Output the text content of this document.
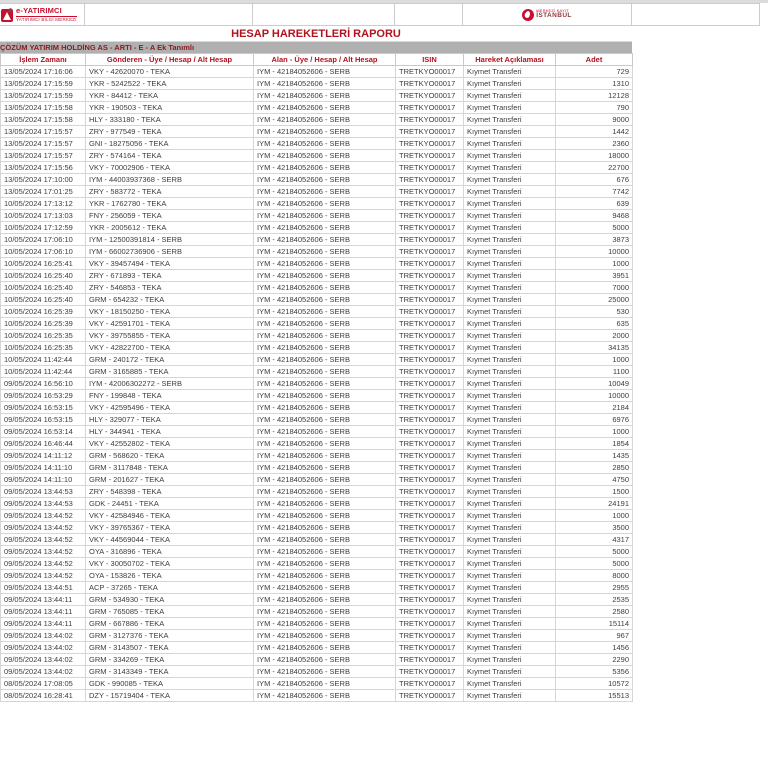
e-YATIRIMCI
YATIRIMCI BİLGİ MERKEZİ
MERKEZİ KAYIT
İSTANBUL
HESAP HAREKETLERİ RAPORU
ÇÖZÜM YATIRIM HOLDİNG AS - ARTI - E - A Ek Tanımlı
İşlem Zamanı	Gönderen - Üye / Hesap / Alt Hesap	Alan - Üye / Hesap / Alt Hesap	ISIN	Hareket Açıklaması	Adet
13/05/2024 17:16:06	VKY - 42620070 - TEKA	IYM - 42184052606 - SERB	TRETKYO00017	Kıymet Transferi	729
13/05/2024 17:15:59	YKR - 5242522 - TEKA	IYM - 42184052606 - SERB	TRETKYO00017	Kıymet Transferi	1310
13/05/2024 17:15:59	YKR - 84412 - TEKA	IYM - 42184052606 - SERB	TRETKYO00017	Kıymet Transferi	12128
13/05/2024 17:15:58	YKR - 190503 - TEKA	IYM - 42184052606 - SERB	TRETKYO00017	Kıymet Transferi	790
13/05/2024 17:15:58	HLY - 333180 - TEKA	IYM - 42184052606 - SERB	TRETKYO00017	Kıymet Transferi	9000
13/05/2024 17:15:57	ZRY - 977549 - TEKA	IYM - 42184052606 - SERB	TRETKYO00017	Kıymet Transferi	1442
13/05/2024 17:15:57	GNI - 18275056 - TEKA	IYM - 42184052606 - SERB	TRETKYO00017	Kıymet Transferi	2360
13/05/2024 17:15:57	ZRY - 574164 - TEKA	IYM - 42184052606 - SERB	TRETKYO00017	Kıymet Transferi	18000
13/05/2024 17:15:56	VKY - 70002906 - TEKA	IYM - 42184052606 - SERB	TRETKYO00017	Kıymet Transferi	22700
13/05/2024 17:10:00	IYM - 44003937368 - SERB	IYM - 42184052606 - SERB	TRETKYO00017	Kıymet Transferi	676
13/05/2024 17:01:25	ZRY - 583772 - TEKA	IYM - 42184052606 - SERB	TRETKYO00017	Kıymet Transferi	7742
10/05/2024 17:13:12	YKR - 1762780 - TEKA	IYM - 42184052606 - SERB	TRETKYO00017	Kıymet Transferi	639
10/05/2024 17:13:03	FNY - 256059 - TEKA	IYM - 42184052606 - SERB	TRETKYO00017	Kıymet Transferi	9468
10/05/2024 17:12:59	YKR - 2005612 - TEKA	IYM - 42184052606 - SERB	TRETKYO00017	Kıymet Transferi	5000
10/05/2024 17:06:10	IYM - 12500391814 - SERB	IYM - 42184052606 - SERB	TRETKYO00017	Kıymet Transferi	3873
10/05/2024 17:06:10	IYM - 66002736906 - SERB	IYM - 42184052606 - SERB	TRETKYO00017	Kıymet Transferi	10000
10/05/2024 16:25:41	VKY - 39457494 - TEKA	IYM - 42184052606 - SERB	TRETKYO00017	Kıymet Transferi	1000
10/05/2024 16:25:40	ZRY - 671893 - TEKA	IYM - 42184052606 - SERB	TRETKYO00017	Kıymet Transferi	3951
10/05/2024 16:25:40	ZRY - 546853 - TEKA	IYM - 42184052606 - SERB	TRETKYO00017	Kıymet Transferi	7000
10/05/2024 16:25:40	GRM - 654232 - TEKA	IYM - 42184052606 - SERB	TRETKYO00017	Kıymet Transferi	25000
10/05/2024 16:25:39	VKY - 18150250 - TEKA	IYM - 42184052606 - SERB	TRETKYO00017	Kıymet Transferi	530
10/05/2024 16:25:39	VKY - 42591701 - TEKA	IYM - 42184052606 - SERB	TRETKYO00017	Kıymet Transferi	635
10/05/2024 16:25:35	VKY - 39755855 - TEKA	IYM - 42184052606 - SERB	TRETKYO00017	Kıymet Transferi	2000
10/05/2024 16:25:35	VKY - 42822700 - TEKA	IYM - 42184052606 - SERB	TRETKYO00017	Kıymet Transferi	34135
10/05/2024 11:42:44	GRM - 240172 - TEKA	IYM - 42184052606 - SERB	TRETKYO00017	Kıymet Transferi	1000
10/05/2024 11:42:44	GRM - 3165885 - TEKA	IYM - 42184052606 - SERB	TRETKYO00017	Kıymet Transferi	1100
09/05/2024 16:56:10	IYM - 42006302272 - SERB	IYM - 42184052606 - SERB	TRETKYO00017	Kıymet Transferi	10049
09/05/2024 16:53:29	FNY - 199848 - TEKA	IYM - 42184052606 - SERB	TRETKYO00017	Kıymet Transferi	10000
09/05/2024 16:53:15	VKY - 42595496 - TEKA	IYM - 42184052606 - SERB	TRETKYO00017	Kıymet Transferi	2184
09/05/2024 16:53:15	HLY - 329077 - TEKA	IYM - 42184052606 - SERB	TRETKYO00017	Kıymet Transferi	6976
09/05/2024 16:53:14	HLY - 344941 - TEKA	IYM - 42184052606 - SERB	TRETKYO00017	Kıymet Transferi	1000
09/05/2024 16:46:44	VKY - 42552802 - TEKA	IYM - 42184052606 - SERB	TRETKYO00017	Kıymet Transferi	1854
09/05/2024 14:11:12	GRM - 568620 - TEKA	IYM - 42184052606 - SERB	TRETKYO00017	Kıymet Transferi	1435
09/05/2024 14:11:10	GRM - 3117848 - TEKA	IYM - 42184052606 - SERB	TRETKYO00017	Kıymet Transferi	2850
09/05/2024 14:11:10	GRM - 201627 - TEKA	IYM - 42184052606 - SERB	TRETKYO00017	Kıymet Transferi	4750
09/05/2024 13:44:53	ZRY - 548398 - TEKA	IYM - 42184052606 - SERB	TRETKYO00017	Kıymet Transferi	1500
09/05/2024 13:44:53	GDK - 24451 - TEKA	IYM - 42184052606 - SERB	TRETKYO00017	Kıymet Transferi	24191
09/05/2024 13:44:52	VKY - 42584946 - TEKA	IYM - 42184052606 - SERB	TRETKYO00017	Kıymet Transferi	1000
09/05/2024 13:44:52	VKY - 39765367 - TEKA	IYM - 42184052606 - SERB	TRETKYO00017	Kıymet Transferi	3500
09/05/2024 13:44:52	VKY - 44569044 - TEKA	IYM - 42184052606 - SERB	TRETKYO00017	Kıymet Transferi	4317
09/05/2024 13:44:52	OYA - 316896 - TEKA	IYM - 42184052606 - SERB	TRETKYO00017	Kıymet Transferi	5000
09/05/2024 13:44:52	VKY - 30050702 - TEKA	IYM - 42184052606 - SERB	TRETKYO00017	Kıymet Transferi	5000
09/05/2024 13:44:52	OYA - 153826 - TEKA	IYM - 42184052606 - SERB	TRETKYO00017	Kıymet Transferi	8000
09/05/2024 13:44:51	ACP - 37265 - TEKA	IYM - 42184052606 - SERB	TRETKYO00017	Kıymet Transferi	2955
09/05/2024 13:44:11	GRM - 534930 - TEKA	IYM - 42184052606 - SERB	TRETKYO00017	Kıymet Transferi	2535
09/05/2024 13:44:11	GRM - 765085 - TEKA	IYM - 42184052606 - SERB	TRETKYO00017	Kıymet Transferi	2580
09/05/2024 13:44:11	GRM - 667886 - TEKA	IYM - 42184052606 - SERB	TRETKYO00017	Kıymet Transferi	15114
09/05/2024 13:44:02	GRM - 3127376 - TEKA	IYM - 42184052606 - SERB	TRETKYO00017	Kıymet Transferi	967
09/05/2024 13:44:02	GRM - 3143507 - TEKA	IYM - 42184052606 - SERB	TRETKYO00017	Kıymet Transferi	1456
09/05/2024 13:44:02	GRM - 334269 - TEKA	IYM - 42184052606 - SERB	TRETKYO00017	Kıymet Transferi	2290
09/05/2024 13:44:02	GRM - 3143349 - TEKA	IYM - 42184052606 - SERB	TRETKYO00017	Kıymet Transferi	5356
08/05/2024 17:08:05	GDK - 990085 - TEKA	IYM - 42184052606 - SERB	TRETKYO00017	Kıymet Transferi	10572
08/05/2024 16:28:41	DZY - 15719404 - TEKA	IYM - 42184052606 - SERB	TRETKYO00017	Kıymet Transferi	15513
